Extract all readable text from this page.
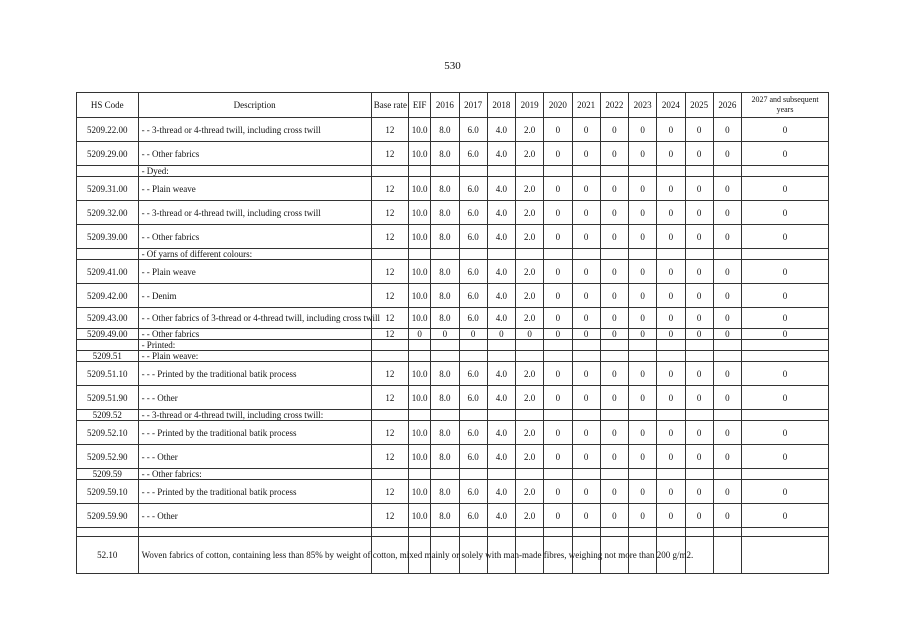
530
HS Code	Description	Base rate	EIF	2016	2017	2018	2019	2020	2021	2022	2023	2024	2025	2026	2027 and subsequent years
5209.22.00	- - 3-thread or 4-thread twill, including cross twill	12	10.0	8.0	6.0	4.0	2.0	0	0	0	0	0	0	0	0
5209.29.00	- - Other fabrics	12	10.0	8.0	6.0	4.0	2.0	0	0	0	0	0	0	0	0
	- Dyed:														
5209.31.00	- - Plain weave	12	10.0	8.0	6.0	4.0	2.0	0	0	0	0	0	0	0	0
5209.32.00	- - 3-thread or 4-thread twill, including cross twill	12	10.0	8.0	6.0	4.0	2.0	0	0	0	0	0	0	0	0
5209.39.00	- - Other fabrics	12	10.0	8.0	6.0	4.0	2.0	0	0	0	0	0	0	0	0
	- Of yarns of different colours:														
5209.41.00	- - Plain weave	12	10.0	8.0	6.0	4.0	2.0	0	0	0	0	0	0	0	0
5209.42.00	- - Denim	12	10.0	8.0	6.0	4.0	2.0	0	0	0	0	0	0	0	0
5209.43.00	- - Other fabrics of 3-thread or 4-thread twill, including cross twill	12	10.0	8.0	6.0	4.0	2.0	0	0	0	0	0	0	0	0
5209.49.00	- - Other fabrics	12	0	0	0	0	0	0	0	0	0	0	0	0	0
	- Printed:														
5209.51	- - Plain weave:														
5209.51.10	- - - Printed by the traditional batik process	12	10.0	8.0	6.0	4.0	2.0	0	0	0	0	0	0	0	0
5209.51.90	- - - Other	12	10.0	8.0	6.0	4.0	2.0	0	0	0	0	0	0	0	0
5209.52	- - 3-thread or 4-thread twill, including cross twill:														
5209.52.10	- - - Printed by the traditional batik process	12	10.0	8.0	6.0	4.0	2.0	0	0	0	0	0	0	0	0
5209.52.90	- - - Other	12	10.0	8.0	6.0	4.0	2.0	0	0	0	0	0	0	0	0
5209.59	- - Other fabrics:														
5209.59.10	- - - Printed by the traditional batik process	12	10.0	8.0	6.0	4.0	2.0	0	0	0	0	0	0	0	0
5209.59.90	- - - Other	12	10.0	8.0	6.0	4.0	2.0	0	0	0	0	0	0	0	0

52.10	Woven fabrics of cotton, containing less than 85% by weight of cotton, mixed mainly or solely with man-made fibres, weighing not more than 200 g/m2.														
